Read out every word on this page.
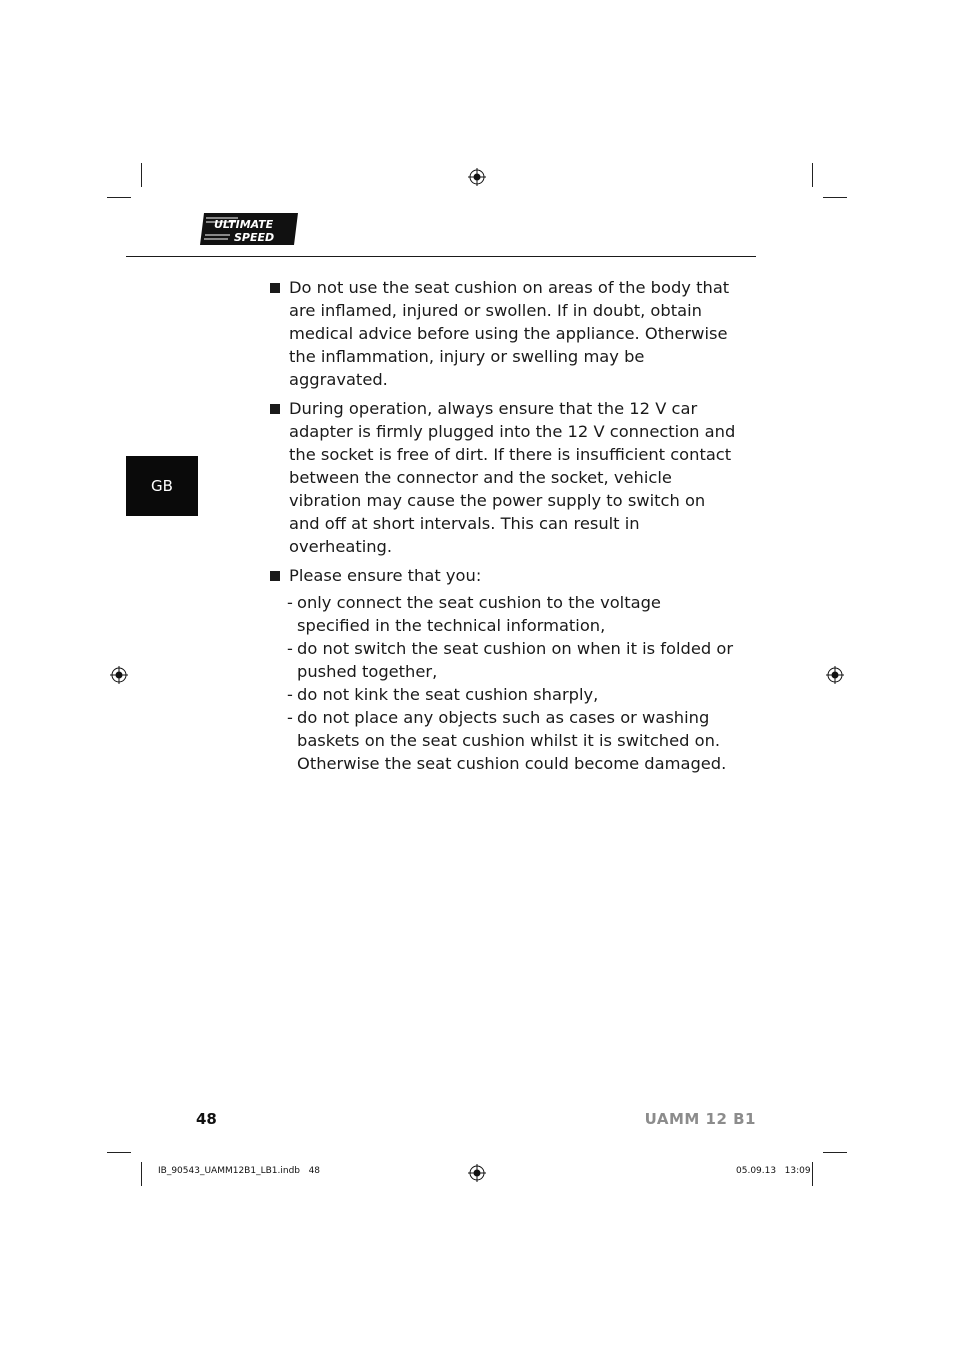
ULTIMATE
SPEED
GB
Do not use the seat cushion on areas of the body that are inflamed, injured or swollen. If in doubt, obtain medical advice before using the appliance. Otherwise the inflammation, injury or swelling may be aggravated.
During operation, always ensure that the 12 V car adapter is firmly plugged into the 12 V connection and the socket is free of dirt. If there is insufficient contact between the connector and the socket, vehicle vibration may cause the power supply to switch on and off at short intervals. This can result in overheating.
Please ensure that you:
- only connect the seat cushion to the voltage specified in the technical information,
- do not switch the seat cushion on when it is folded or pushed together,
- do not kink the seat cushion sharply,
- do not place any objects such as cases or washing baskets on the seat cushion whilst it is switched on. Otherwise the seat cushion could become damaged.
48	UAMM 12 B1
IB_90543_UAMM12B1_LB1.indb   48	05.09.13   13:09
